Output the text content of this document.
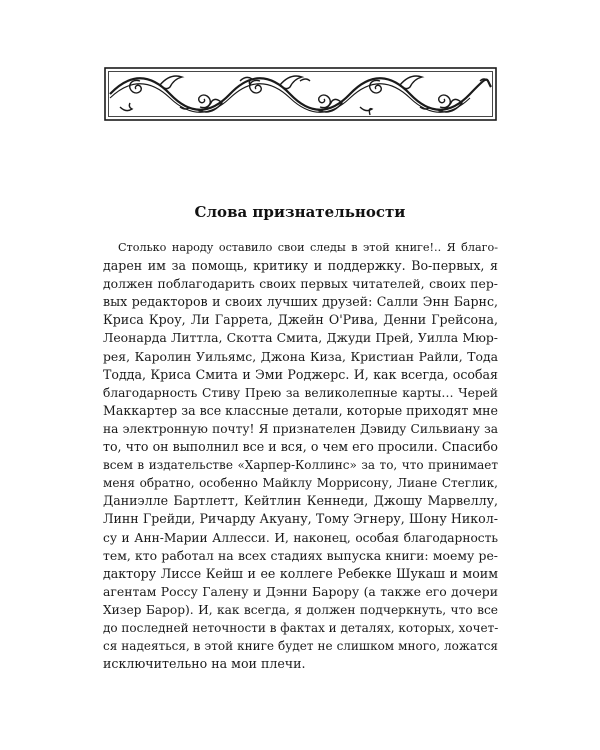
Слова признательности
Столько народу оставило свои следы в этой книге!.. Я благо-
дарен им за помощь, критику и поддержку. Во-первых, я
должен поблагодарить своих первых читателей, своих пер-
вых редакторов и своих лучших друзей: Салли Энн Барнс,
Криса Кроу, Ли Гаррета, Джейн О'Рива, Денни Грейсона,
Леонарда Литтла, Скотта Смита, Джуди Прей, Уилла Мюр-
рея, Каролин Уильямс, Джона Киза, Кристиан Райли, Тода
Тодда, Криса Смита и Эми Роджерс. И, как всегда, особая
благодарность Стиву Прею за великолепные карты… Черей
Маккартер за все классные детали, которые приходят мне
на электронную почту! Я признателен Дэвиду Сильвиану за
то, что он выполнил все и вся, о чем его просили. Спасибо
всем в издательстве «Харпер-Коллинс» за то, что принимает
меня обратно, особенно Майклу Моррисону, Лиане Стеглик,
Даниэлле Бартлетт, Кейтлин Кеннеди, Джошу Марвеллу,
Линн Грейди, Ричарду Акуану, Тому Эгнеру, Шону Никол-
су и Анн-Марии Аллесси. И, наконец, особая благодарность
тем, кто работал на всех стадиях выпуска книги: моему ре-
дактору Лиссе Кейш и ее коллеге Ребекке Шукаш и моим
агентам Россу Галену и Дэнни Барору (а также его дочери
Хизер Барор). И, как всегда, я должен подчеркнуть, что все
до последней неточности в фактах и деталях, которых, хочет-
ся надеяться, в этой книге будет не слишком много, ложатся
исключительно на мои плечи.
